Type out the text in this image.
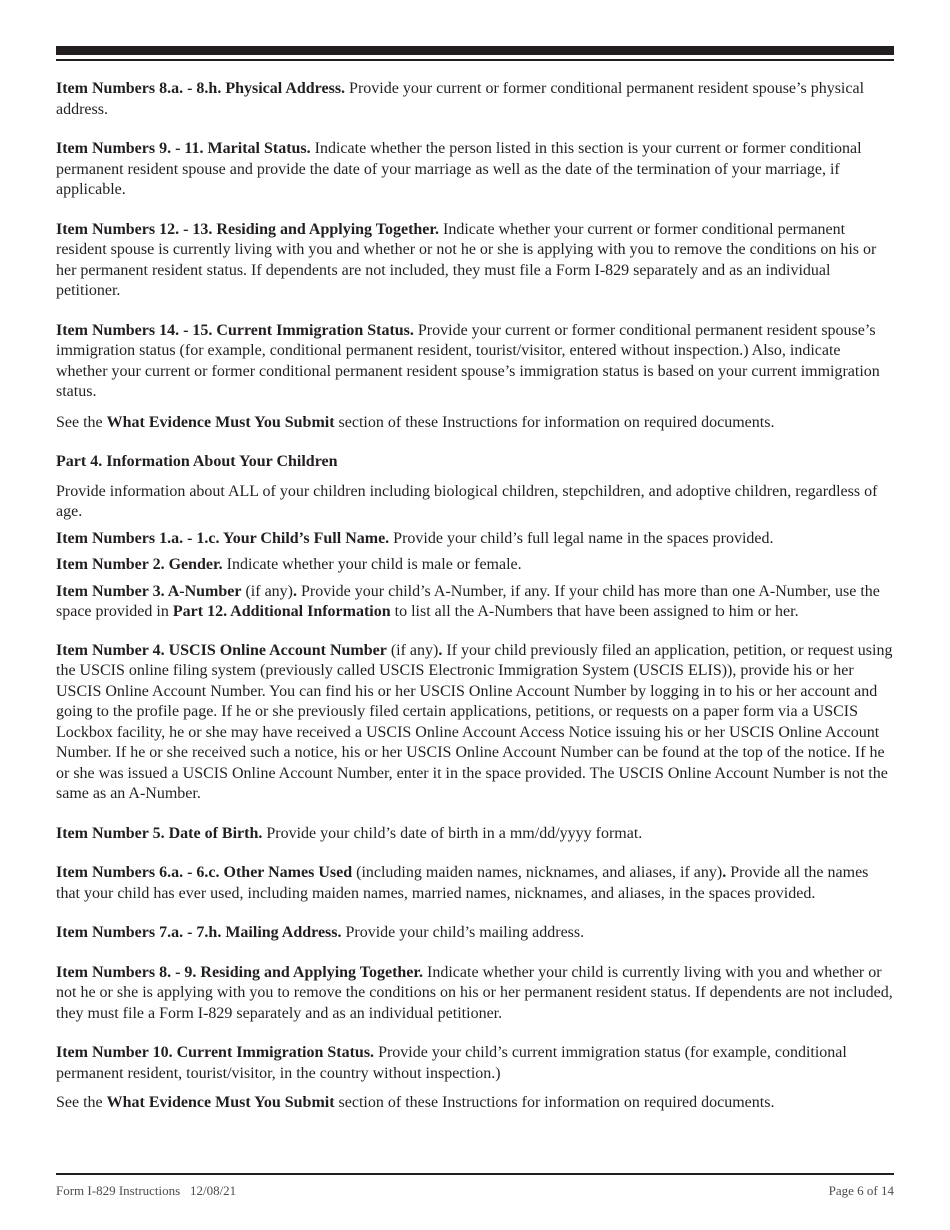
Item Numbers 8.a. - 8.h. Physical Address. Provide your current or former conditional permanent resident spouse’s physical address.

Item Numbers 9. - 11. Marital Status. Indicate whether the person listed in this section is your current or former conditional permanent resident spouse and provide the date of your marriage as well as the date of the termination of your marriage, if applicable.

Item Numbers 12. - 13. Residing and Applying Together. Indicate whether your current or former conditional permanent resident spouse is currently living with you and whether or not he or she is applying with you to remove the conditions on his or her permanent resident status. If dependents are not included, they must file a Form I-829 separately and as an individual petitioner.

Item Numbers 14. - 15. Current Immigration Status. Provide your current or former conditional permanent resident spouse’s immigration status (for example, conditional permanent resident, tourist/visitor, entered without inspection.) Also, indicate whether your current or former conditional permanent resident spouse’s immigration status is based on your current immigration status.

See the What Evidence Must You Submit section of these Instructions for information on required documents.

Part 4. Information About Your Children

Provide information about ALL of your children including biological children, stepchildren, and adoptive children, regardless of age.

Item Numbers 1.a. - 1.c. Your Child’s Full Name. Provide your child’s full legal name in the spaces provided.

Item Number 2. Gender. Indicate whether your child is male or female.

Item Number 3. A-Number (if any). Provide your child’s A-Number, if any. If your child has more than one A-Number, use the space provided in Part 12. Additional Information to list all the A-Numbers that have been assigned to him or her.

Item Number 4. USCIS Online Account Number (if any). If your child previously filed an application, petition, or request using the USCIS online filing system (previously called USCIS Electronic Immigration System (USCIS ELIS)), provide his or her USCIS Online Account Number. You can find his or her USCIS Online Account Number by logging in to his or her account and going to the profile page. If he or she previously filed certain applications, petitions, or requests on a paper form via a USCIS Lockbox facility, he or she may have received a USCIS Online Account Access Notice issuing his or her USCIS Online Account Number. If he or she received such a notice, his or her USCIS Online Account Number can be found at the top of the notice. If he or she was issued a USCIS Online Account Number, enter it in the space provided. The USCIS Online Account Number is not the same as an A-Number.

Item Number 5. Date of Birth. Provide your child’s date of birth in a mm/dd/yyyy format.

Item Numbers 6.a. - 6.c. Other Names Used (including maiden names, nicknames, and aliases, if any). Provide all the names that your child has ever used, including maiden names, married names, nicknames, and aliases, in the spaces provided.

Item Numbers 7.a. - 7.h. Mailing Address. Provide your child’s mailing address.

Item Numbers 8. - 9. Residing and Applying Together. Indicate whether your child is currently living with you and whether or not he or she is applying with you to remove the conditions on his or her permanent resident status. If dependents are not included, they must file a Form I-829 separately and as an individual petitioner.

Item Number 10. Current Immigration Status. Provide your child’s current immigration status (for example, conditional permanent resident, tourist/visitor, in the country without inspection.)

See the What Evidence Must You Submit section of these Instructions for information on required documents.

Form I-829 Instructions   12/08/21	Page 6 of 14
